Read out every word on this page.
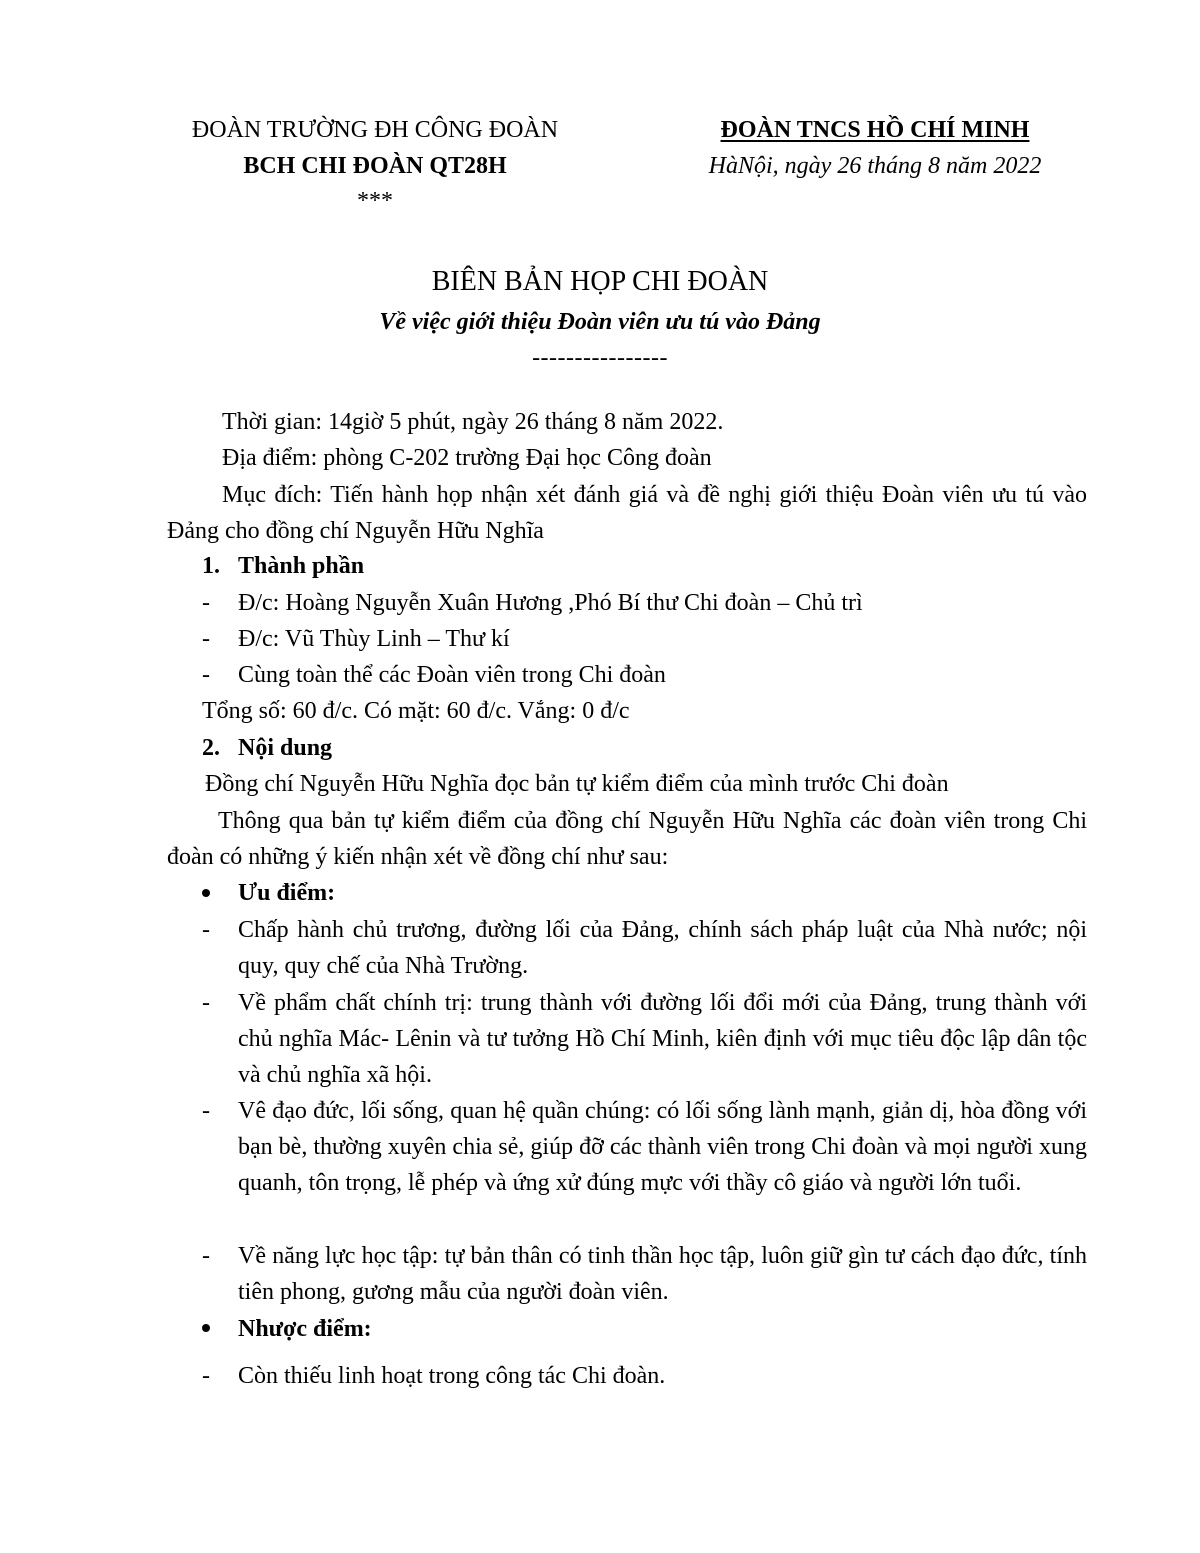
ĐOÀN TRƯỜNG ĐH CÔNG ĐOÀN
BCH CHI ĐOÀN QT28H
***
ĐOÀN TNCS HỒ CHÍ MINH
HàNội, ngày 26 tháng 8 năm 2022
BIÊN BẢN HỌP CHI ĐOÀN
Về việc giới thiệu Đoàn viên ưu tú vào Đảng
----------------
Thời gian: 14giờ 5 phút, ngày 26 tháng 8 năm 2022.
Địa điểm: phòng C-202 trường Đại học Công đoàn
Mục đích: Tiến hành họp nhận xét đánh giá và đề nghị giới thiệu Đoàn viên ưu tú vào Đảng cho đồng chí Nguyễn Hữu Nghĩa
1. Thành phần
- Đ/c: Hoàng Nguyễn Xuân Hương ,Phó Bí thư Chi đoàn – Chủ trì
- Đ/c: Vũ Thùy Linh – Thư kí
- Cùng toàn thể các Đoàn viên trong Chi đoàn
Tổng số: 60 đ/c. Có mặt: 60 đ/c. Vắng: 0 đ/c
2. Nội dung
Đồng chí Nguyễn Hữu Nghĩa đọc bản tự kiểm điểm của mình trước Chi đoàn
Thông qua bản tự kiểm điểm của đồng chí Nguyễn Hữu Nghĩa các đoàn viên trong Chi đoàn có những ý kiến nhận xét về đồng chí như sau:
Ưu điểm:
- Chấp hành chủ trương, đường lối của Đảng, chính sách pháp luật của Nhà nước; nội quy, quy chế của Nhà Trường.
- Về phẩm chất chính trị: trung thành với đường lối đổi mới của Đảng, trung thành với chủ nghĩa Mác- Lênin và tư tưởng Hồ Chí Minh, kiên định với mục tiêu độc lập dân tộc và chủ nghĩa xã hội.
- Vê đạo đức, lối sống, quan hệ quần chúng: có lối sống lành mạnh, giản dị, hòa đồng với bạn bè, thường xuyên chia sẻ, giúp đỡ các thành viên trong Chi đoàn và mọi người xung quanh, tôn trọng, lễ phép và ứng xử đúng mực với thầy cô giáo và người lớn tuổi.
- Về năng lực học tập: tự bản thân có tinh thần học tập, luôn giữ gìn tư cách đạo đức, tính tiên phong, gương mẫu của người đoàn viên.
Nhược điểm:
- Còn thiếu linh hoạt trong công tác Chi đoàn.
